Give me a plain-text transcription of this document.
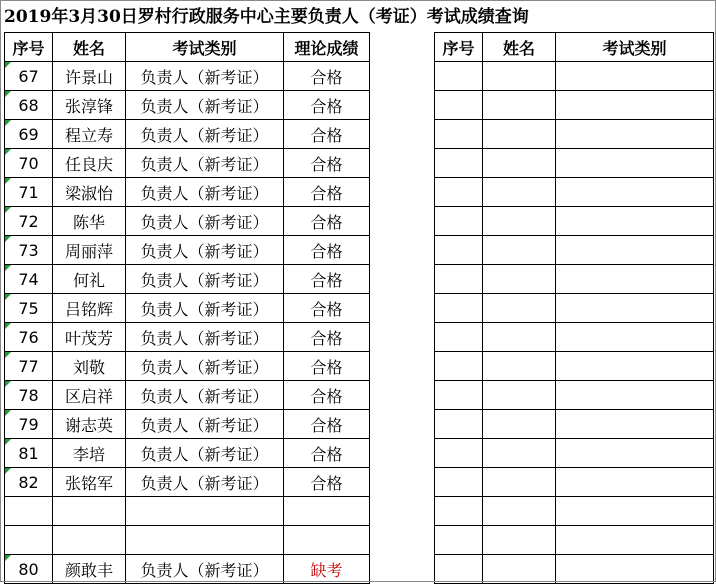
2019年3月30日罗村行政服务中心主要负责人（考证）考试成绩查询
序号	姓名	考试类别	理论成绩
67	许景山	负责人（新考证）	合格
68	张淳锋	负责人（新考证）	合格
69	程立寿	负责人（新考证）	合格
70	任良庆	负责人（新考证）	合格
71	梁淑怡	负责人（新考证）	合格
72	陈华	负责人（新考证）	合格
73	周丽萍	负责人（新考证）	合格
74	何礼	负责人（新考证）	合格
75	吕铭辉	负责人（新考证）	合格
76	叶茂芳	负责人（新考证）	合格
77	刘敬	负责人（新考证）	合格
78	区启祥	负责人（新考证）	合格
79	谢志英	负责人（新考证）	合格
81	李培	负责人（新考证）	合格
82	张铭军	负责人（新考证）	合格

80	颜敢丰	负责人（新考证）	缺考
序号	姓名	考试类别
